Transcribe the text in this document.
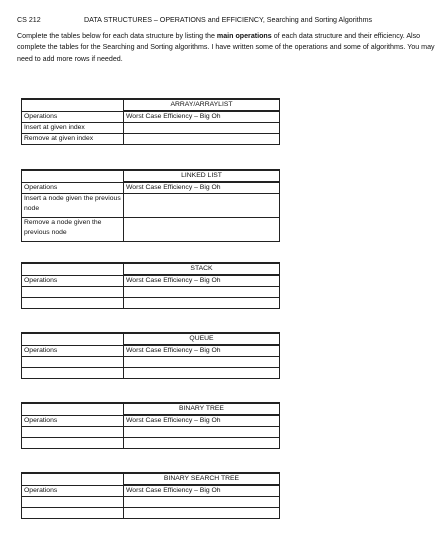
CS 212	DATA STRUCTURES – OPERATIONS and EFFICIENCY, Searching and Sorting Algorithms
Complete the tables below for each data structure by listing the main operations of each data structure and their efficiency. Also complete the tables for the Searching and Sorting algorithms. I have written some of the operations and some of algorithms. You may need to add more rows if needed.
	ARRAY/ARRAYLIST
Operations	Worst Case Efficiency – Big Oh
Insert at given index	
Remove at given index	
	LINKED LIST
Operations	Worst Case Efficiency – Big Oh
Insert a node given the previous node	
Remove a node given the previous node	
	STACK
Operations	Worst Case Efficiency – Big Oh

	QUEUE
Operations	Worst Case Efficiency – Big Oh

	BINARY TREE
Operations	Worst Case Efficiency – Big Oh

	BINARY SEARCH TREE
Operations	Worst Case Efficiency – Big Oh
